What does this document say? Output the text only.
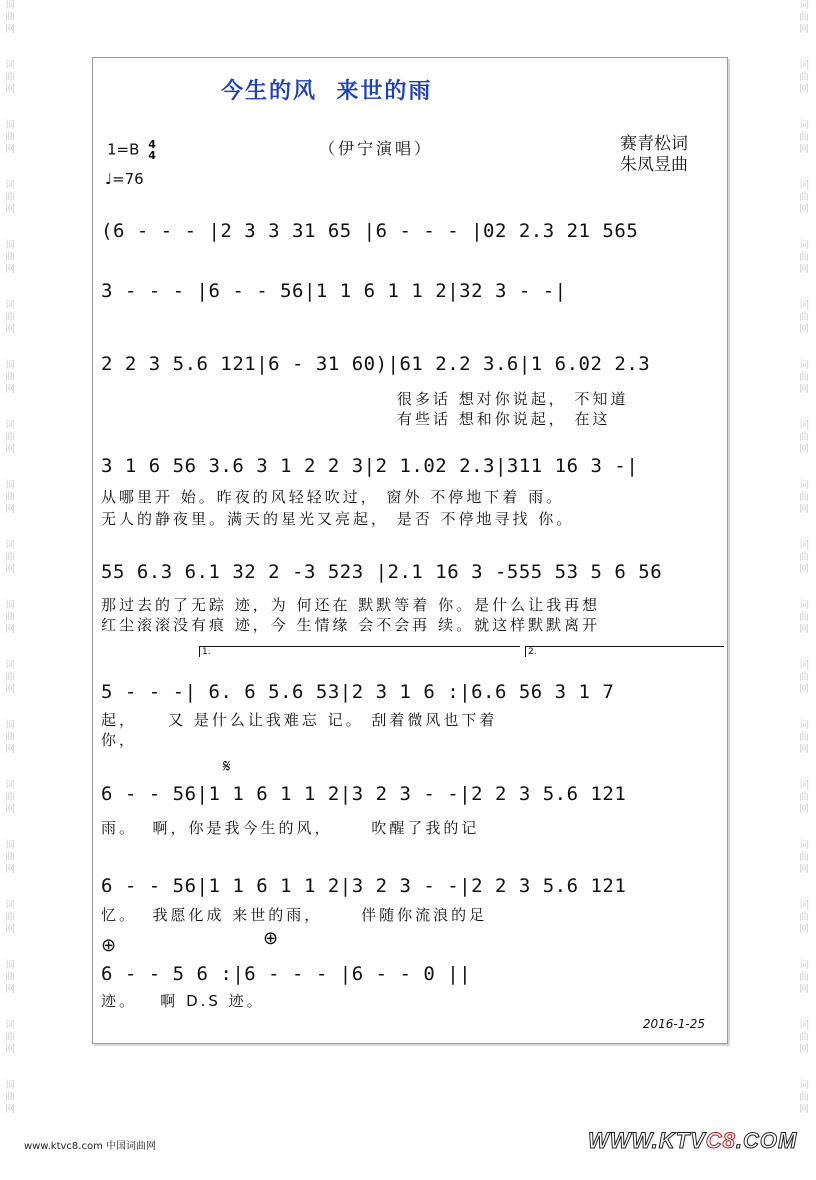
词
曲
网
词
曲
网
词
曲
网
词
曲
网
词
曲
网
词
曲
网
词
曲
网
词
曲
网
词
曲
网
词
曲
网
词
曲
网
词
曲
网
词
曲
网
词
曲
网
词
曲
网
词
曲
网
词
曲
网
词
曲
网
词
曲
网
词
曲
网
词
曲
网
词
曲
网
词
曲
网
词
曲
网
词
曲
网
词
曲
网
词
曲
网
词
曲
网
词
曲
网
词
曲
网
词
曲
网
词
曲
网
词
曲
网
词
曲
网
词
曲
网
词
曲
网
词
曲
网
词
曲
网
今生的风  来世的雨
1=B 4
4
♩=76
（伊宁演唱）	赛青松词
朱凤昱曲
(6 - - - |2 3 3 31 65 |6 - - - |02 2.3 21 565
3 - - - |6 - - 56|1 1 6 1 1 2|32 3 - -|
2 2 3 5.6 121|6 - 31 60)|61 2.2 3.6|1 6.02 2.3
很多话 想对你说起， 不知道
有些话 想和你说起， 在这
3 1 6 56 3.6 3 1 2 2 3|2 1.02 2.3|311 16 3 -|
从哪里开 始。昨夜的风轻轻吹过， 窗外 不停地下着 雨。
无人的静夜里。满天的星光又亮起， 是否 不停地寻找 你。
55 6.3 6.1 32 2 -3 523 |2.1 16 3 -555 53 5 6 56
那过去的了无踪 迹，为 何还在 默默等着 你。是什么让我再想
红尘滚滚没有痕 迹，今 生情缘 会不会再 续。就这样默默离开
1.	2.
5 - - -| 6. 6 5.6 53|2 3 1 6 :|6.6 56 3 1 7
起，    又 是什么让我难忘 记。 刮着微风也下着
你，
𝄋
6 - - 56|1 1 6 1 1 2|3 2 3 - -|2 2 3 5.6 121
雨。  啊，你是我今生的风，     吹醒了我的记
6 - - 56|1 1 6 1 1 2|3 2 3 - -|2 2 3 5.6 121
忆。  我愿化成 来世的雨，     伴随你流浪的足
⊕	⊕
6 - - 5 6 :|6 - - - |6 - - 0 ||
迹。   啊 D.S 迹。
2016-1-25
www.ktvc8.com 中国词曲网	WWW.KTVC8.COM
